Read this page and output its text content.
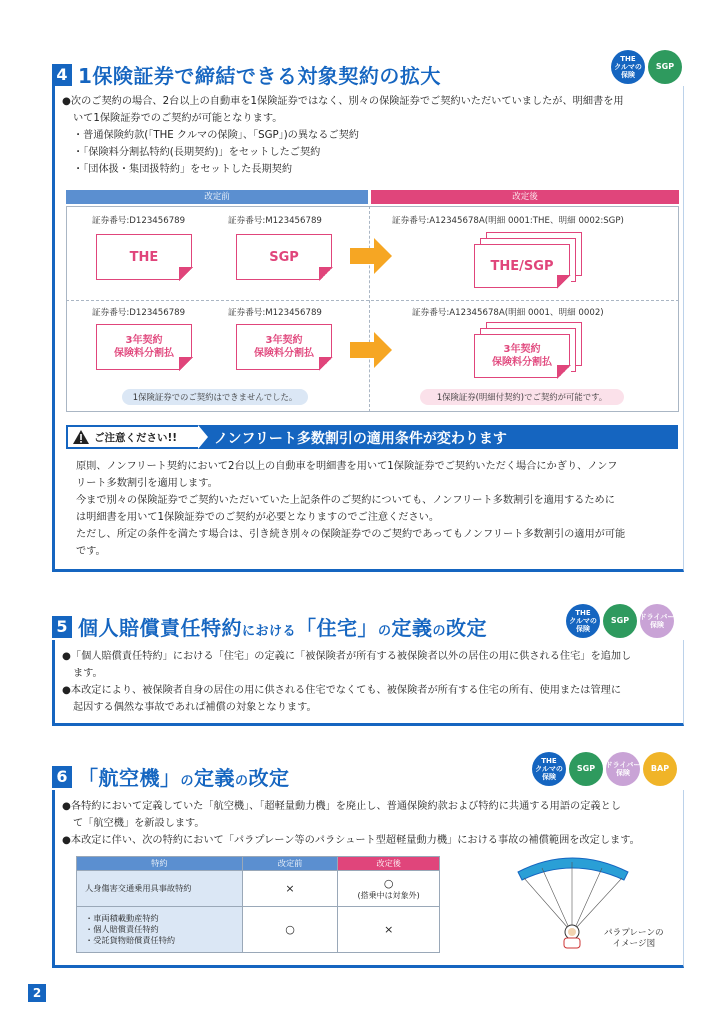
4 1保険証券で締結できる対象契約の拡大
THE
クルマの
保険
SGP
●次のご契約の場合、2台以上の自動車を1保険証券ではなく、別々の保険証券でご契約いただいていましたが、明細書を用
いて1保険証券でのご契約が可能となります。
・普通保険約款(「THE クルマの保険」、「SGP」)の異なるご契約
・「保険料分割払特約(長期契約)」をセットしたご契約
・「団体扱・集団扱特約」をセットした長期契約
改定前	改定後
証券番号:D123456789	証券番号:M123456789
THE	SGP
証券番号:A12345678A(明細 0001:THE、明細 0002:SGP)
THE/SGP
証券番号:D123456789	証券番号:M123456789
3年契約
保険料分割払
3年契約
保険料分割払
証券番号:A12345678A(明細 0001、明細 0002)
3年契約
保険料分割払
1保険証券でのご契約はできませんでした。	1保険証券(明細付契約)でご契約が可能です。
ご注意ください!!	ノンフリート多数割引の適用条件が変わります
原則、ノンフリート契約において2台以上の自動車を明細書を用いて1保険証券でご契約いただく場合にかぎり、ノンフ
リート多数割引を適用します。
今まで別々の保険証券でご契約いただいていた上記条件のご契約についても、ノンフリート多数割引を適用するために
は明細書を用いて1保険証券でのご契約が必要となりますのでご注意ください。
ただし、所定の条件を満たす場合は、引き続き別々の保険証券でのご契約であってもノンフリート多数割引の適用が可能
です。
5 個人賠償責任特約における「住宅」の定義の改定
THE
クルマの
保険
SGP	ドライバー
保険
●「個人賠償責任特約」における「住宅」の定義に「被保険者が所有する被保険者以外の居住の用に供される住宅」を追加し
ます。
●本改定により、被保険者自身の居住の用に供される住宅でなくても、被保険者が所有する住宅の所有、使用または管理に
起因する偶然な事故であれば補償の対象となります。
6 「航空機」の定義の改定
THE
クルマの
保険
SGP	ドライバー
保険	BAP
●各特約において定義していた「航空機」、「超軽量動力機」を廃止し、普通保険約款および特約に共通する用語の定義とし
て「航空機」を新設します。
●本改定に伴い、次の特約において「パラプレーン等のパラシュート型超軽量動力機」における事故の補償範囲を改定します。
特約	改定前	改定後
人身傷害交通乗用具事故特約	×	○
(搭乗中は対象外)

・車両積載動産特約
・個人賠償責任特約
・受託貨物賠償責任特約	○	×	パラプレーンの
イメージ図
2
